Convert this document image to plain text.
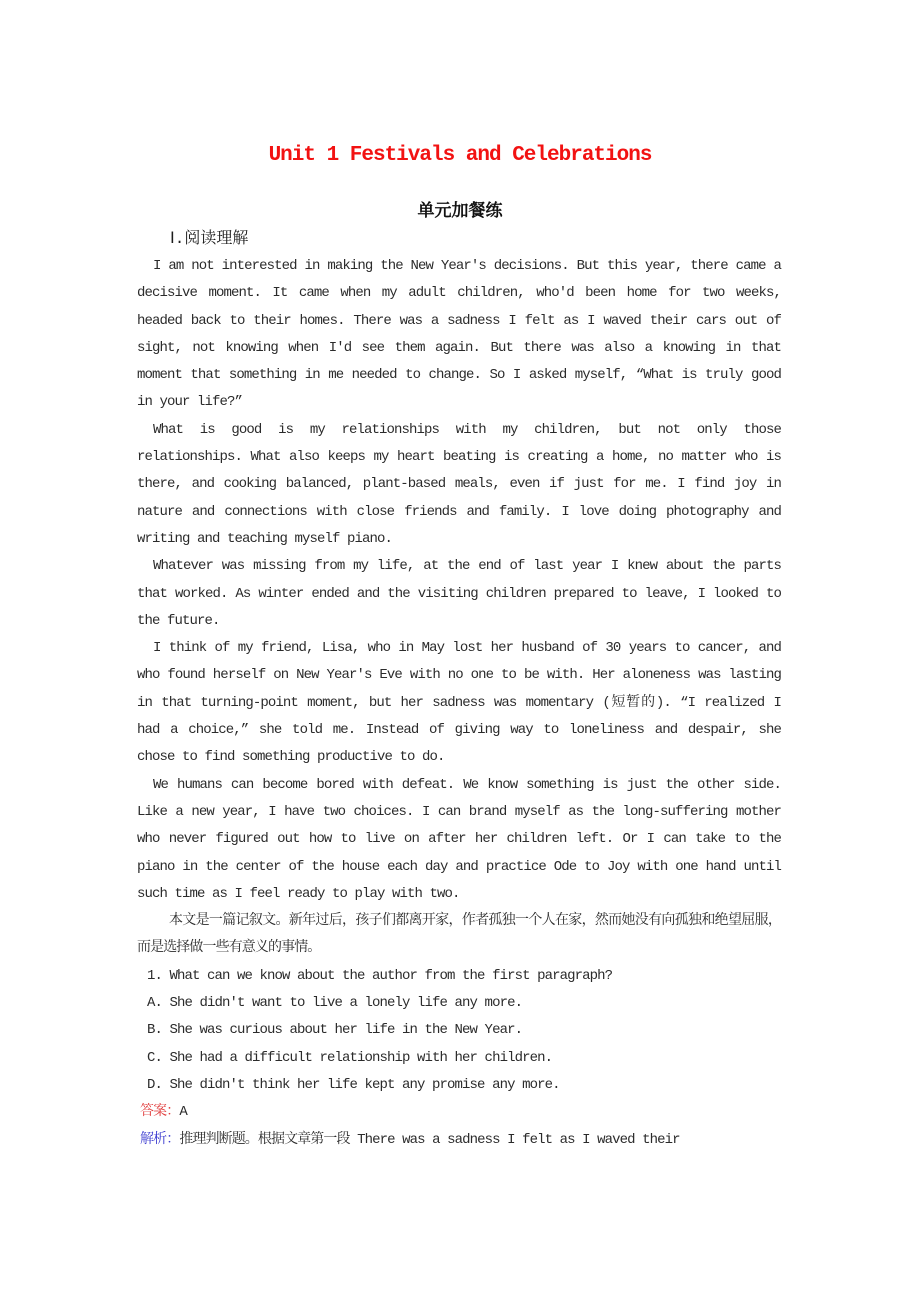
Unit 1 Festivals and Celebrations
单元加餐练

Ⅰ.阅读理解

I am not interested in making the New Year's decisions. But this year, there came a decisive moment. It came when my adult children, who'd been home for two weeks, headed back to their homes. There was a sadness I felt as I waved their cars out of sight, not knowing when I'd see them again. But there was also a knowing in that moment that something in me needed to change. So I asked myself, “What is truly good in your life?”

What is good is my relationships with my children, but not only those relationships. What also keeps my heart beating is creating a home, no matter who is there, and cooking balanced, plant-based meals, even if just for me. I find joy in nature and connections with close friends and family. I love doing photography and writing and teaching myself piano.

Whatever was missing from my life, at the end of last year I knew about the parts that worked. As winter ended and the visiting children prepared to leave, I looked to the future.

I think of my friend, Lisa, who in May lost her husband of 30 years to cancer, and who found herself on New Year's Eve with no one to be with. Her aloneness was lasting in that turning-point moment, but her sadness was momentary (短暂的). “I realized I had a choice,” she told me. Instead of giving way to loneliness and despair, she chose to find something productive to do.

We humans can become bored with defeat. We know something is just the other side. Like a new year, I have two choices. I can brand myself as the long-suffering mother who never figured out how to live on after her children left. Or I can take to the piano in the center of the house each day and practice Ode to Joy with one hand until such time as I feel ready to play with two.

本文是一篇记叙文。新年过后，孩子们都离开家，作者孤独一个人在家，然而她没有向孤独和绝望屈服，而是选择做一些有意义的事情。

1. What can we know about the author from the first paragraph?

A. She didn't want to live a lonely life any more.

B. She was curious about her life in the New Year.

C. She had a difficult relationship with her children.

D. She didn't think her life kept any promise any more.

答案：A

解析：推理判断题。根据文章第一段 There was a sadness I felt as I waved their
